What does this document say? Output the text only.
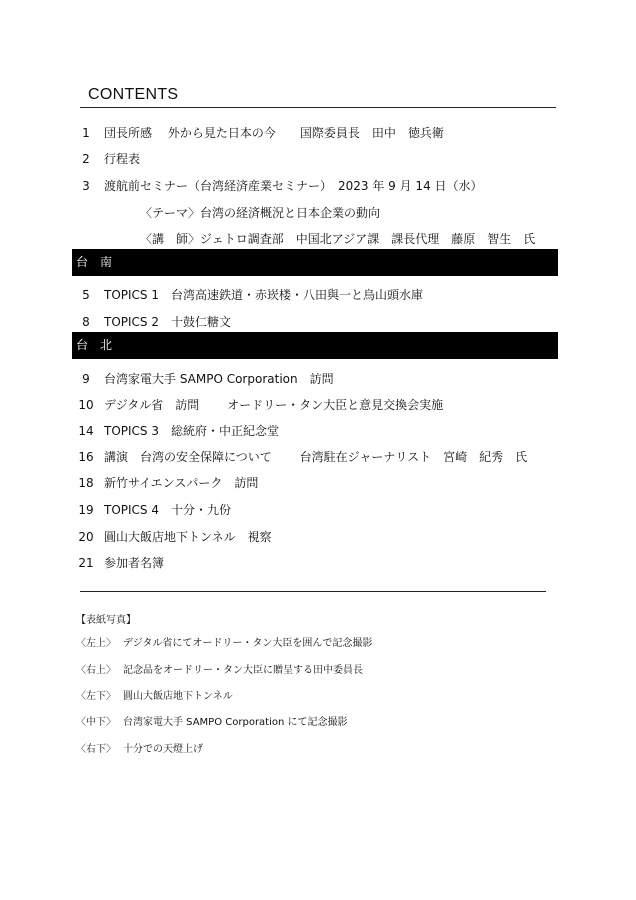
CONTENTS
1	団長所感　 外から見た日本の今　　国際委員長　田中　徳兵衛
2	行程表
3	渡航前セミナー（台湾経済産業セミナー）　2023 年 9 月 14 日（水）
〈テーマ〉台湾の経済概況と日本企業の動向
〈講　師〉ジェトロ調査部　中国北アジア課　課長代理　藤原　智生　氏
台南
5	TOPICS 1　台湾高速鉄道・赤崁楼・八田與一と烏山頭水庫
8	TOPICS 2　十鼓仁糖文
台北
9	台湾家電大手 SAMPO Corporation　訪問
10 デジタル省　訪問　　 オードリー・タン大臣と意見交換会実施
14 TOPICS 3　総統府・中正紀念堂
16 講演　台湾の安全保障について　　 台湾駐在ジャーナリスト　宮崎　紀秀　氏
18 新竹サイエンスパーク　訪問
19 TOPICS 4　十分・九份
20 圓山大飯店地下トンネル　視察
21 参加者名簿
【表紙写真】
〈左上〉 デジタル省にてオードリー・タン大臣を囲んで記念撮影
〈右上〉 記念品をオードリー・タン大臣に贈呈する田中委員長
〈左下〉 圓山大飯店地下トンネル
〈中下〉 台湾家電大手 SAMPO Corporation にて記念撮影
〈右下〉 十分での天燈上げ
